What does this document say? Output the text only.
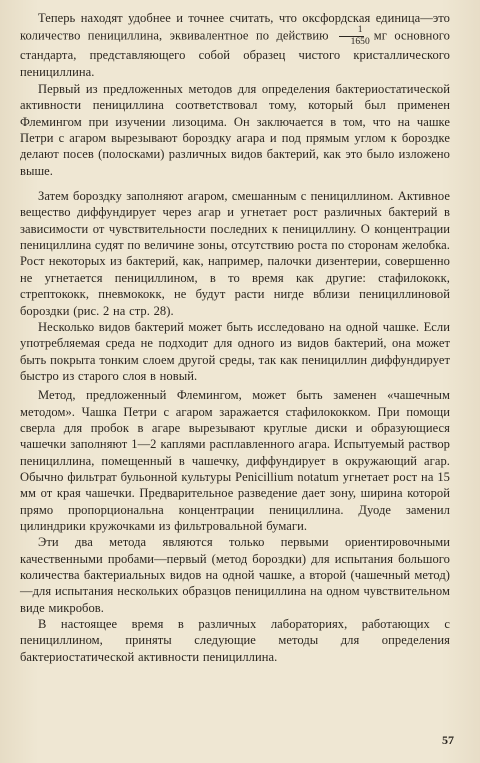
Теперь находят удобнее и точнее считать, что оксфордская единица—это количество пенициллина, эквивалентное по действию $\frac{1}{1650}$ мг основного стандарта, представляющего собой образец чистого кристаллического пенициллина.

Первый из предложенных методов для определения бактериостатической активности пенициллина соответствовал тому, который был применен Флемингом при изучении лизоцима. Он заключается в том, что на чашке Петри с агаром вырезывают бороздку агара и под прямым углом к бороздке делают посев (полосками) различных видов бактерий, как это было изложено выше.

Затем бороздку заполняют агаром, смешанным с пенициллином. Активное вещество диффундирует через агар и угнетает рост различных бактерий в зависимости от чувствительности последних к пенициллину. О концентрации пенициллина судят по величине зоны, отсутствию роста по сторонам желобка. Рост некоторых из бактерий, как, например, палочки дизентерии, совершенно не угнетается пенициллином, в то время как другие: стафилококк, стрептококк, пневмококк, не будут расти нигде вблизи пенициллиновой бороздки (рис. 2 на стр. 28).

Несколько видов бактерий может быть исследовано на одной чашке. Если употребляемая среда не подходит для одного из видов бактерий, она может быть покрыта тонким слоем другой среды, так как пенициллин диффундирует быстро из старого слоя в новый.

Метод, предложенный Флемингом, может быть заменен «чашечным методом». Чашка Петри с агаром заражается стафилококком. При помощи сверла для пробок в агаре вырезывают круглые диски и образующиеся чашечки заполняют 1—2 каплями расплавленного агара. Испытуемый раствор пенициллина, помещенный в чашечку, диффундирует в окружающий агар. Обычно фильтрат бульонной культуры Penicillium notatum угнетает рост на 15 мм от края чашечки. Предварительное разведение дает зону, ширина которой прямо пропорциональна концентрации пенициллина. Дуоде заменил цилиндрики кружочками из фильтровальной бумаги.

Эти два метода являются только первыми ориентировочными качественными пробами—первый (метод бороздки) для испытания большого количества бактериальных видов на одной чашке, а второй (чашечный метод)—для испытания нескольких образцов пенициллина на одном чувствительном виде микробов.

В настоящее время в различных лабораториях, работающих с пенициллином, приняты следующие методы для определения бактериостатической активности пенициллина.

57
